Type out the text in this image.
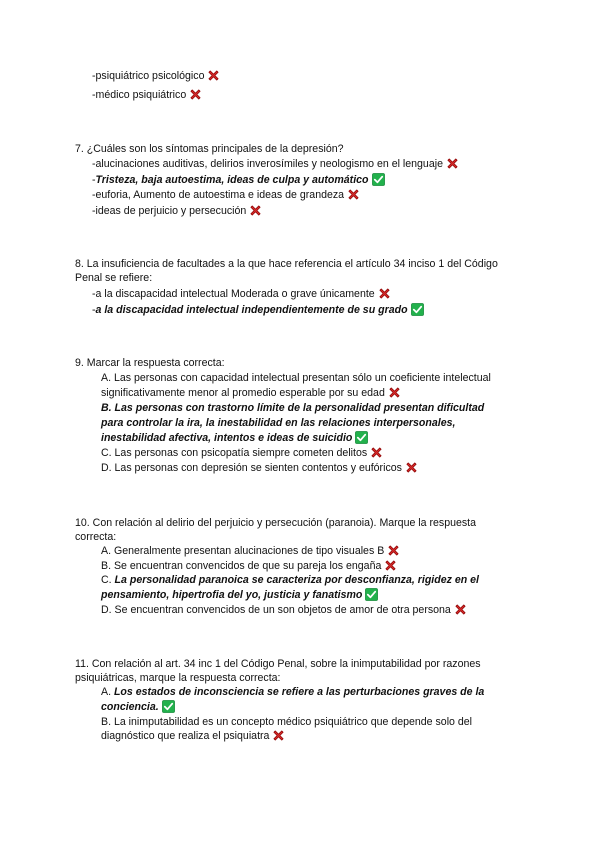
-psiquiátrico psicológico
-médico psiquiátrico
7. ¿Cuáles son los síntomas principales de la depresión?
-alucinaciones auditivas, delirios inverosímiles y neologismo en el lenguaje
-Tristeza, baja autoestima, ideas de culpa y automático
-euforia, Aumento de autoestima e ideas de grandeza
-ideas de perjuicio y persecución
8. La insuficiencia de facultades a la que hace referencia el artículo 34 inciso 1 del Código
Penal se refiere:
-a la discapacidad intelectual Moderada o grave únicamente
-a la discapacidad intelectual independientemente de su grado
9. Marcar la respuesta correcta:
A. Las personas con capacidad intelectual presentan sólo un coeficiente intelectual
significativamente menor al promedio esperable por su edad
B. Las personas con trastorno límite de la personalidad presentan dificultad
para controlar la ira, la inestabilidad en las relaciones interpersonales,
inestabilidad afectiva, intentos e ideas de suicidio
C. Las personas con psicopatía siempre cometen delitos
D. Las personas con depresión se sienten contentos y eufóricos
10. Con relación al delirio del perjuicio y persecución (paranoia). Marque la respuesta
correcta:
A. Generalmente presentan alucinaciones de tipo visuales B
B. Se encuentran convencidos de que su pareja los engaña
C. La personalidad paranoica se caracteriza por desconfianza, rigidez en el
pensamiento, hipertrofia del yo, justicia y fanatismo
D. Se encuentran convencidos de un son objetos de amor de otra persona
11. Con relación al art. 34 inc 1 del Código Penal, sobre la inimputabilidad por razones
psiquiátricas, marque la respuesta correcta:
A. Los estados de inconsciencia se refiere a las perturbaciones graves de la
conciencia.
B. La inimputabilidad es un concepto médico psiquiátrico que depende solo del
diagnóstico que realiza el psiquiatra
